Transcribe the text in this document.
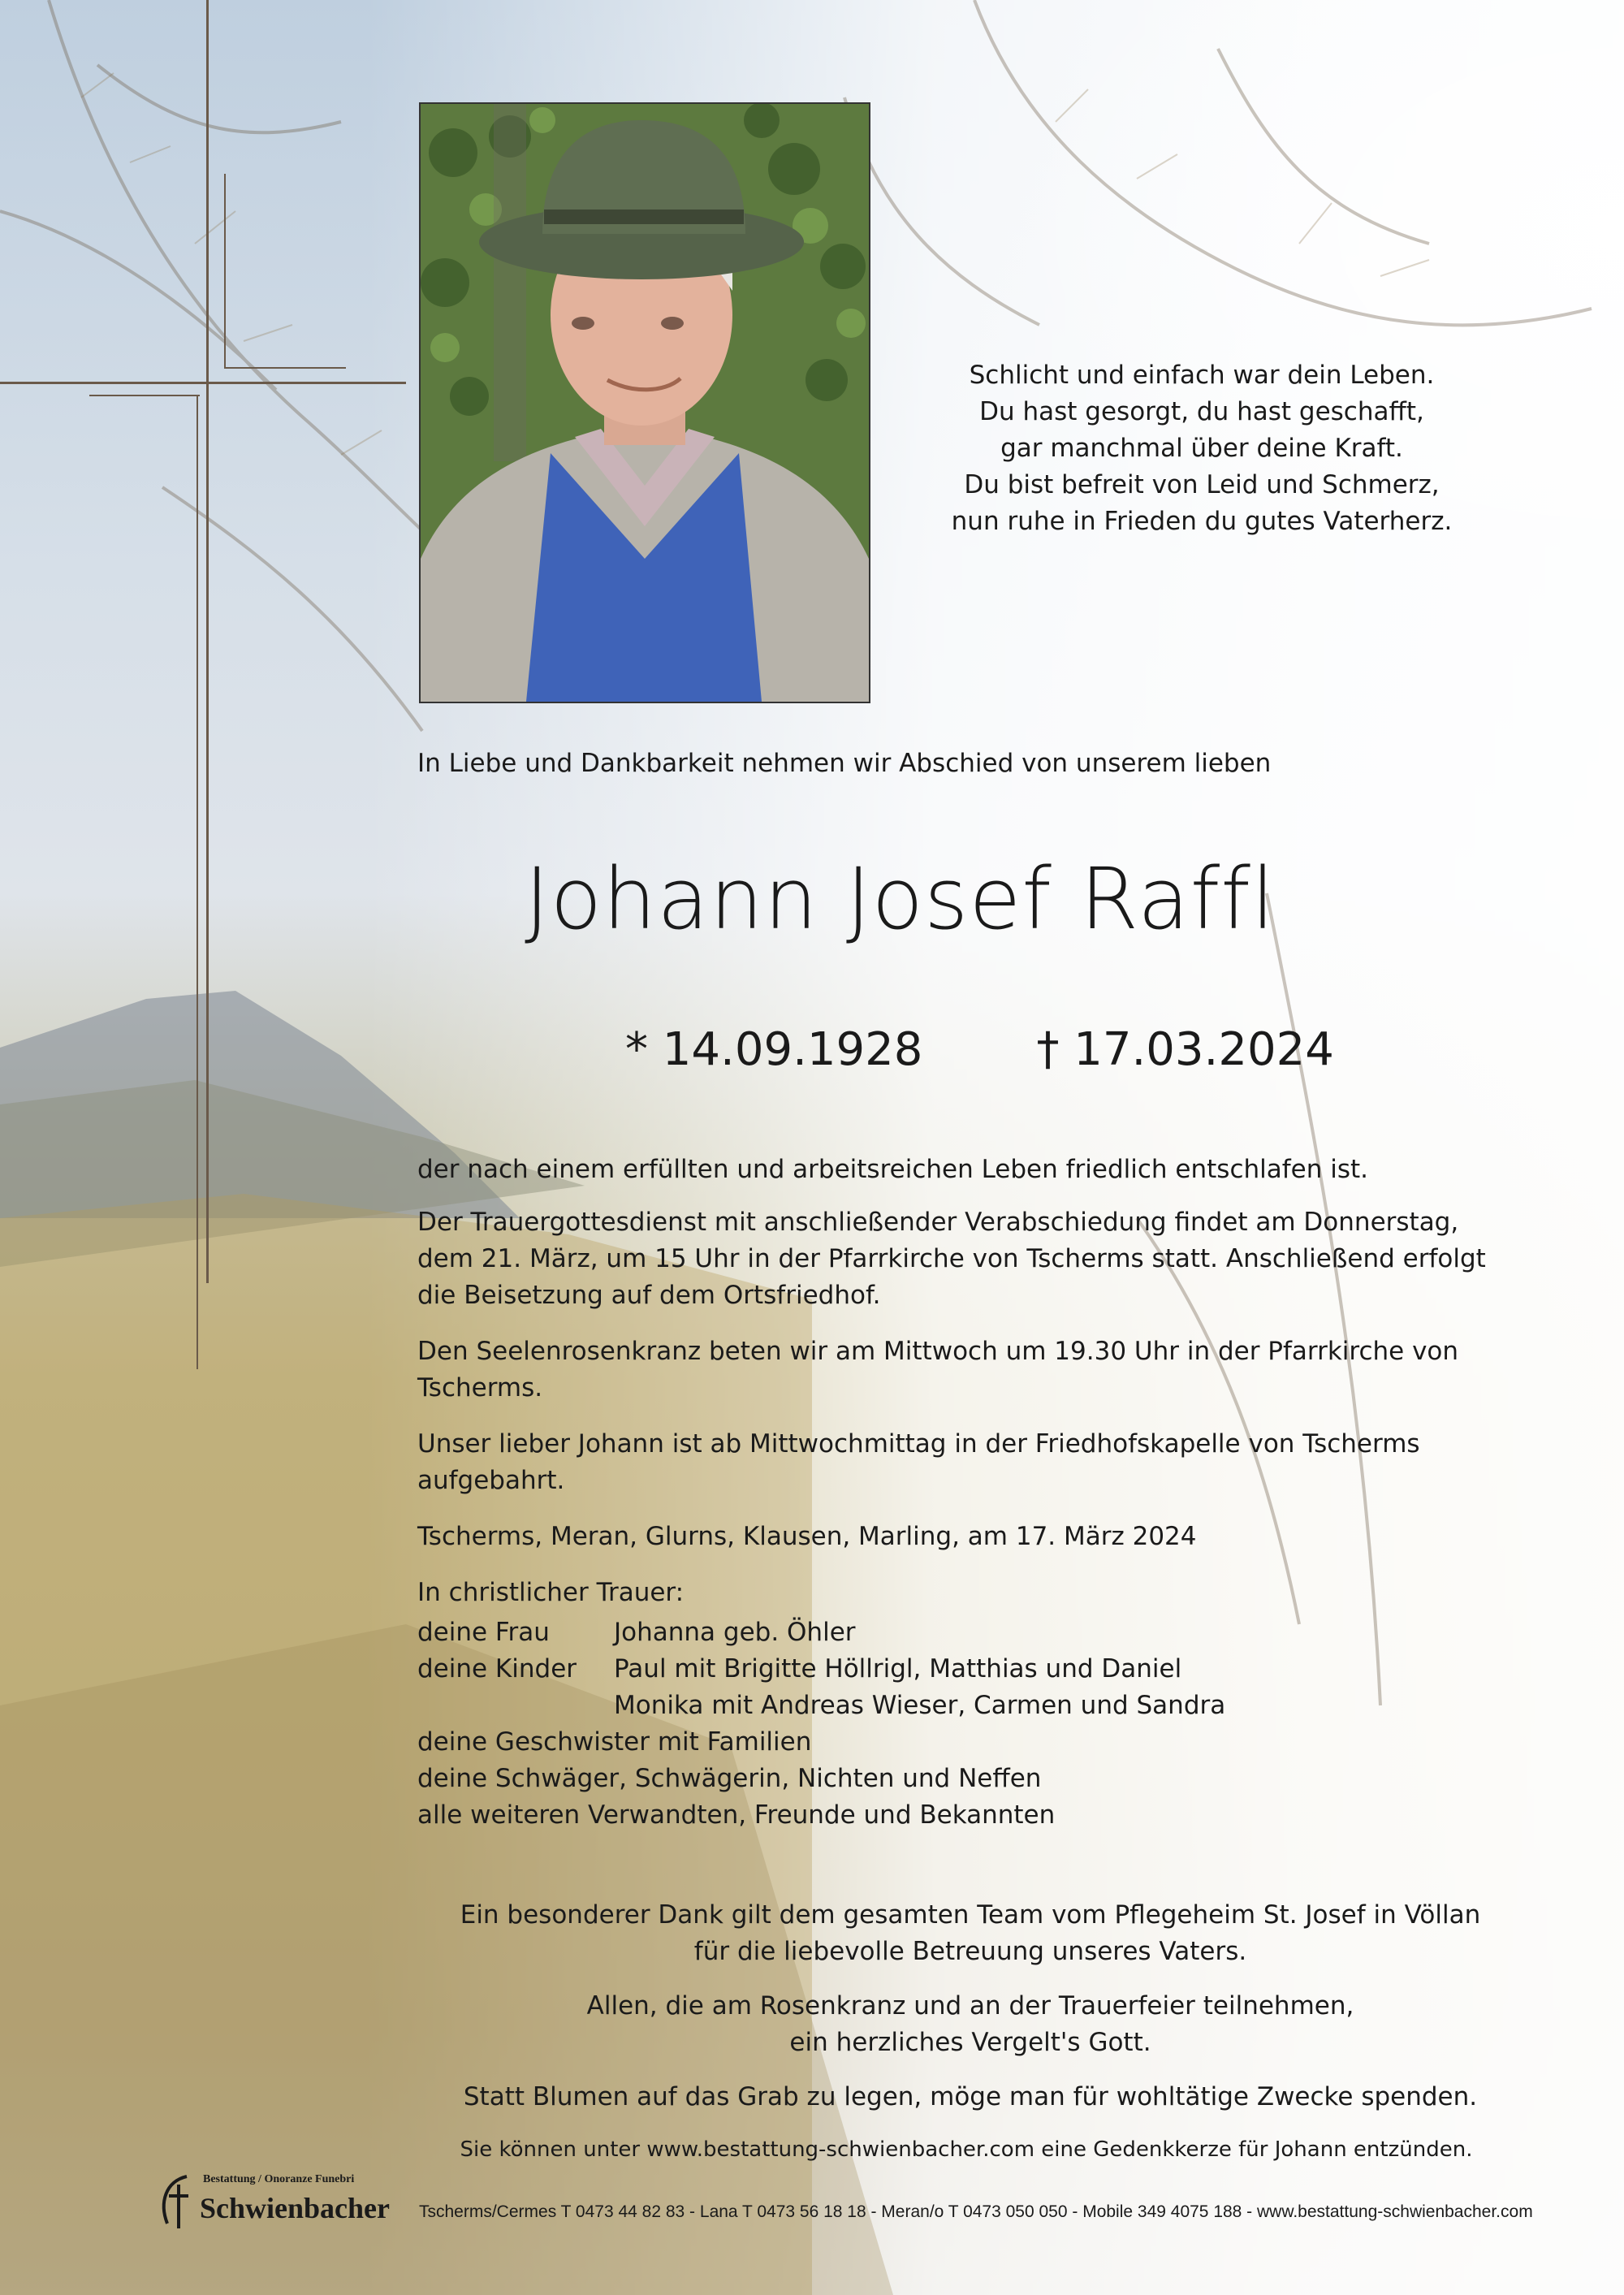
Schlicht und einfach war dein Leben.
Du hast gesorgt, du hast geschafft,
gar manchmal über deine Kraft.
Du bist befreit von Leid und Schmerz,
nun ruhe in Frieden du gutes Vaterherz.
In Liebe und Dankbarkeit nehmen wir Abschied von unserem lieben
Johann Josef Raffl
* 14.09.1928	† 17.03.2024

der nach einem erfüllten und arbeitsreichen Leben friedlich entschlafen ist.

Der Trauergottesdienst mit anschließender Verabschiedung findet am Donnerstag, dem 21. März, um 15 Uhr in der Pfarrkirche von Tscherms statt. Anschließend erfolgt die Beisetzung auf dem Ortsfriedhof.

Den Seelenrosenkranz beten wir am Mittwoch um 19.30 Uhr in der Pfarrkirche von Tscherms.

Unser lieber Johann ist ab Mittwochmittag in der Friedhofskapelle von Tscherms aufgebahrt.

Tscherms, Meran, Glurns, Klausen, Marling, am 17. März 2024

In christlicher Trauer:

deine Frau	Johanna geb. Öhler
deine Kinder	Paul mit Brigitte Höllrigl, Matthias und Daniel
Monika mit Andreas Wieser, Carmen und Sandra
deine Geschwister mit Familien
deine Schwäger, Schwägerin, Nichten und Neffen
alle weiteren Verwandten, Freunde und Bekannten

Ein besonderer Dank gilt dem gesamten Team vom Pflegeheim St. Josef in Völlan
für die liebevolle Betreuung unseres Vaters.

Allen, die am Rosenkranz und an der Trauerfeier teilnehmen,
ein herzliches Vergelt's Gott.

Statt Blumen auf das Grab zu legen, möge man für wohltätige Zwecke spenden.

Sie können unter www.bestattung-schwienbacher.com eine Gedenkkerze für Johann entzünden.
Bestattung / Onoranze Funebri
Schwienbacher Tscherms/Cermes T 0473 44 82 83 - Lana T 0473 56 18 18 - Meran/o T 0473 050 050 - Mobile 349 4075 188 - www.bestattung-schwienbacher.com
